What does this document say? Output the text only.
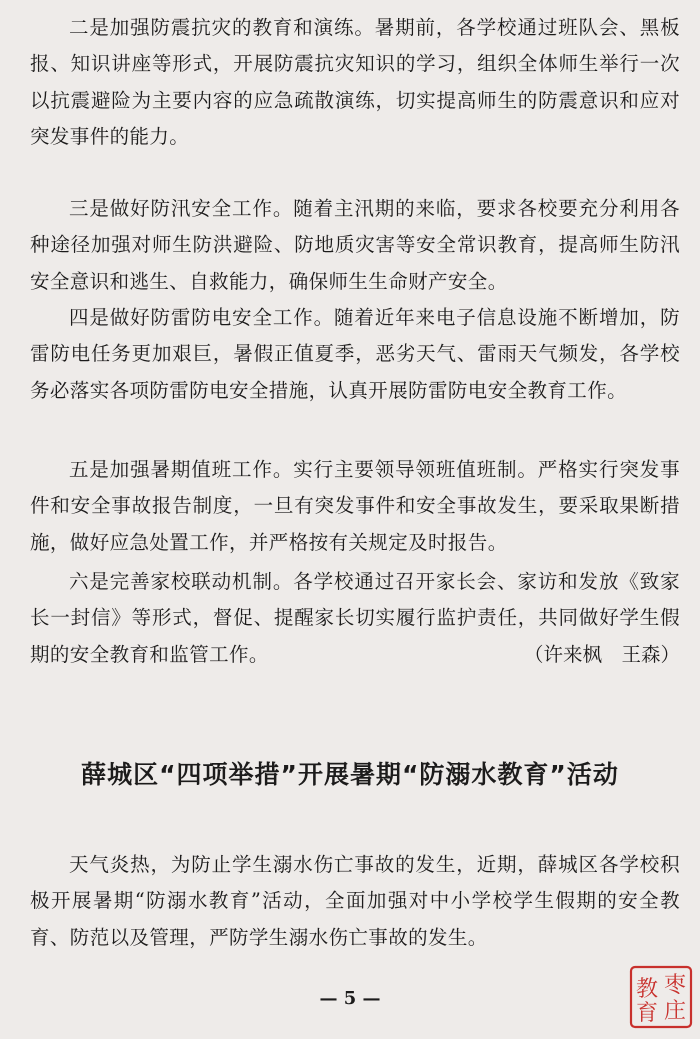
二是加强防震抗灾的教育和演练。暑期前，各学校通过班队会、黑板报、知识讲座等形式，开展防震抗灾知识的学习，组织全体师生举行一次以抗震避险为主要内容的应急疏散演练，切实提高师生的防震意识和应对突发事件的能力。

三是做好防汛安全工作。随着主汛期的来临，要求各校要充分利用各种途径加强对师生防洪避险、防地质灾害等安全常识教育，提高师生防汛安全意识和逃生、自救能力，确保师生生命财产安全。

四是做好防雷防电安全工作。随着近年来电子信息设施不断增加，防雷防电任务更加艰巨，暑假正值夏季，恶劣天气、雷雨天气频发，各学校务必落实各项防雷防电安全措施，认真开展防雷防电安全教育工作。

五是加强暑期值班工作。实行主要领导领班值班制。严格实行突发事件和安全事故报告制度，一旦有突发事件和安全事故发生，要采取果断措施，做好应急处置工作，并严格按有关规定及时报告。

六是完善家校联动机制。各学校通过召开家长会、家访和发放《致家长一封信》等形式，督促、提醒家长切实履行监护责任，共同做好学生假期的安全教育和监管工作。	（许来枫　王森）

薛城区“四项举措”开展暑期“防溺水教育”活动

天气炎热，为防止学生溺水伤亡事故的发生，近期，薛城区各学校积极开展暑期“防溺水教育”活动，全面加强对中小学校学生假期的安全教育、防范以及管理，严防学生溺水伤亡事故的发生。

— 5 —
枣
庄
教
育
